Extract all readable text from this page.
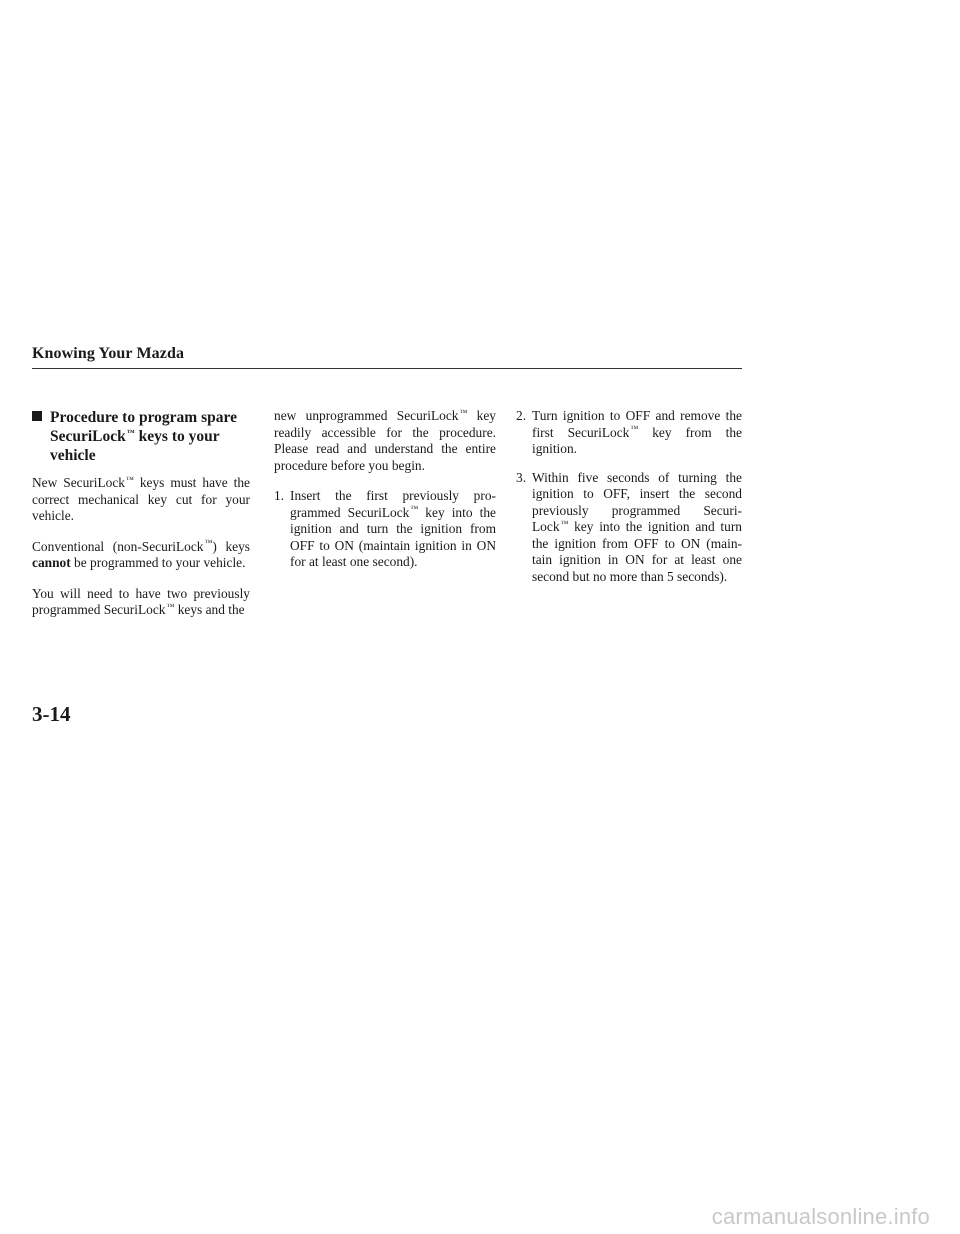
Knowing Your Mazda
Procedure to program spare
SecuriLock™ keys to your
vehicle

New SecuriLock™ keys must have the correct mechanical key cut for your vehicle.

Conventional (non-SecuriLock™ ) keys cannot be programmed to your vehicle.

You will need to have two previously programmed SecuriLock™ keys and the

new unprogrammed SecuriLock™ key readily accessible for the procedure. Please read and understand the entire procedure before you begin.

1. Insert the first previously pro- grammed SecuriLock™ key into the ignition and turn the ignition from OFF to ON (maintain ignition in ON for at least one second).
2. Turn ignition to OFF and remove the first SecuriLock™ key from the ignition.
3. Within five seconds of turning the ignition to OFF, insert the second previously programmed Securi- Lock™ key into the ignition and turn the ignition from OFF to ON (main- tain ignition in ON for at least one second but no more than 5 seconds).
3-14
carmanualsonline.info
